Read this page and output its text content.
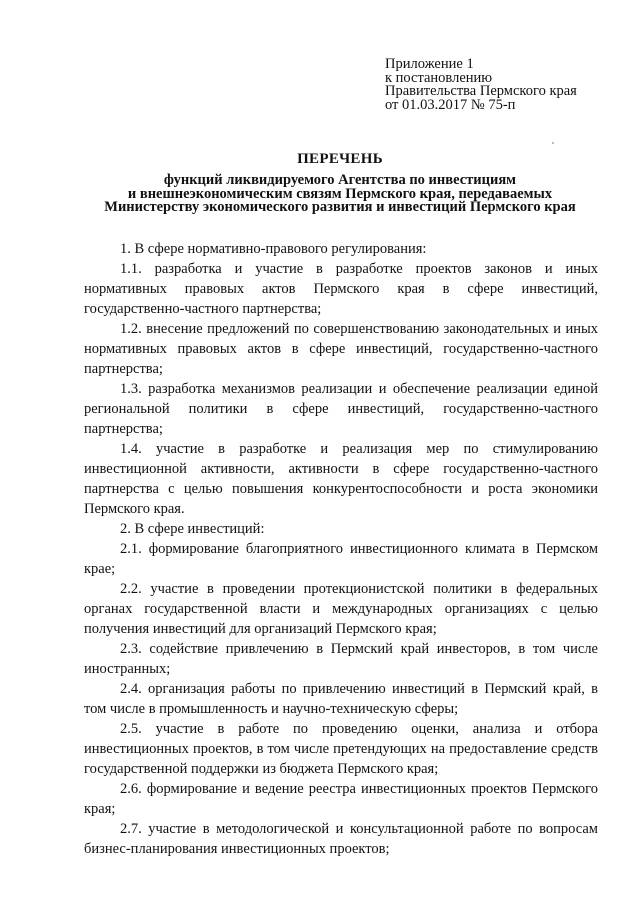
Приложение 1
к постановлению
Правительства Пермского края
от 01.03.2017 № 75-п
ПЕРЕЧЕНЬ
функций ликвидируемого Агентства по инвестициям
и внешнеэкономическим связям Пермского края, передаваемых
Министерству экономического развития и инвестиций Пермского края

1. В сфере нормативно-правового регулирования:

1.1. разработка и участие в разработке проектов законов и иных нормативных правовых актов Пермского края в сфере инвестиций, государственно-частного партнерства;

1.2. внесение предложений по совершенствованию законодательных и иных нормативных правовых актов в сфере инвестиций, государственно-частного партнерства;

1.3. разработка механизмов реализации и обеспечение реализации единой региональной политики в сфере инвестиций, государственно-частного партнерства;

1.4. участие в разработке и реализация мер по стимулированию инвестиционной активности, активности в сфере государственно-частного партнерства с целью повышения конкурентоспособности и роста экономики Пермского края.

2. В сфере инвестиций:

2.1. формирование благоприятного инвестиционного климата в Пермском крае;

2.2. участие в проведении протекционистской политики в федеральных органах государственной власти и международных организациях с целью получения инвестиций для организаций Пермского края;

2.3. содействие привлечению в Пермский край инвесторов, в том числе иностранных;

2.4. организация работы по привлечению инвестиций в Пермский край, в том числе в промышленность и научно-техническую сферы;

2.5. участие в работе по проведению оценки, анализа и отбора инвестиционных проектов, в том числе претендующих на предоставление средств государственной поддержки из бюджета Пермского края;

2.6. формирование и ведение реестра инвестиционных проектов Пермского края;

2.7. участие в методологической и консультационной работе по вопросам бизнес-планирования инвестиционных проектов;
